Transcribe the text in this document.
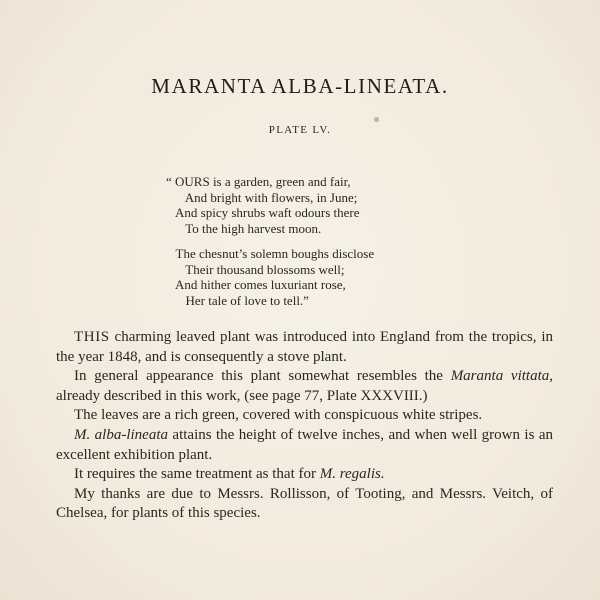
MARANTA ALBA-LINEATA.
PLATE LV.
“ OURS is a garden, green and fair,
And bright with flowers, in June;
And spicy shrubs waft odours there
To the high harvest moon.
The chesnut’s solemn boughs disclose
Their thousand blossoms well;
And hither comes luxuriant rose,
Her tale of love to tell.”

THIS charming leaved plant was introduced into England from the tropics, in the year 1848, and is consequently a stove plant.

In general appearance this plant somewhat resembles the Maranta vittata, already described in this work, (see page 77, Plate XXXVIII.)

The leaves are a rich green, covered with conspicuous white stripes.

M. alba-lineata attains the height of twelve inches, and when well grown is an excellent exhibition plant.

It requires the same treatment as that for M. regalis.

My thanks are due to Messrs. Rollisson, of Tooting, and Messrs. Veitch, of Chelsea, for plants of this species.
